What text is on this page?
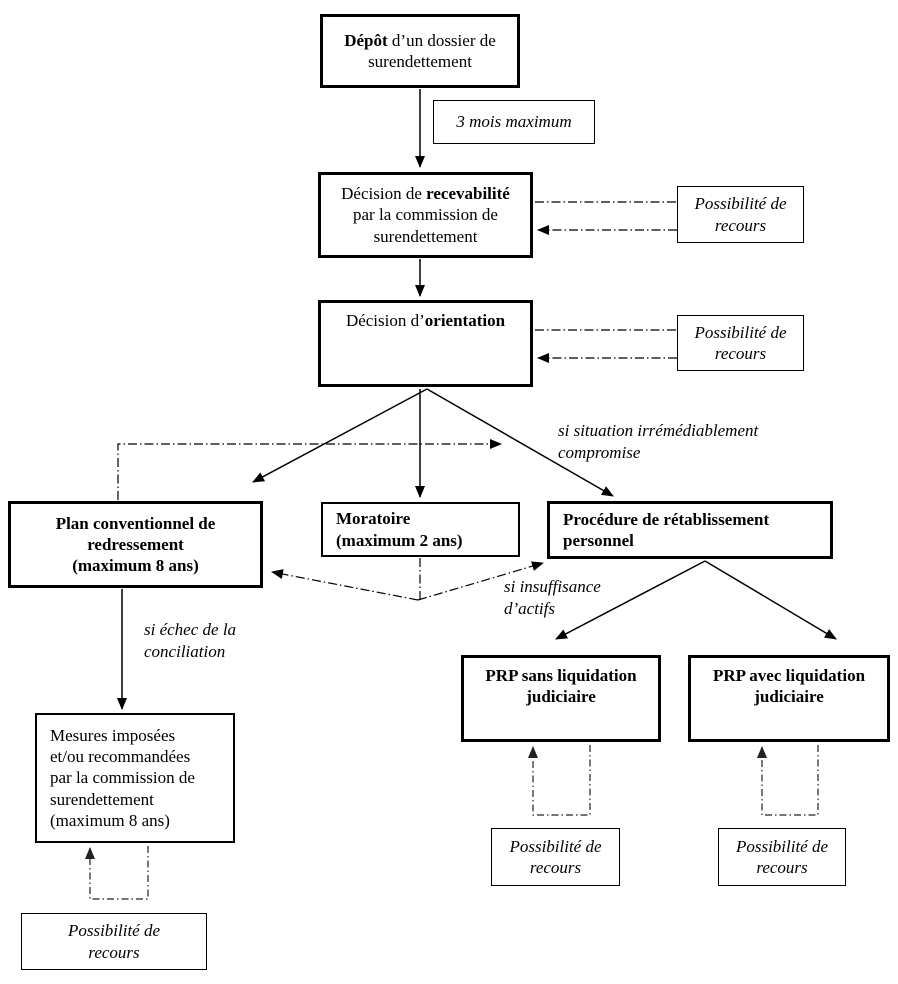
Dépôt d’un dossier de
surendettement
3 mois maximum
Décision de recevabilité
par la commission de
surendettement
Décision d’orientation
Plan conventionnel de
redressement
(maximum 8 ans)
Moratoire
(maximum 2 ans)
Procédure de rétablissement
personnel
PRP sans liquidation
judiciaire
PRP avec liquidation
judiciaire
Mesures imposées
et/ou recommandées
par la commission de
surendettement
(maximum 8 ans)
Possibilité de
recours
Possibilité de
recours
Possibilité de
recours
Possibilité de
recours
Possibilité de
recours
si situation irrémédiablement
compromise
si échec de la
conciliation
si insuffisance
d’actifs
